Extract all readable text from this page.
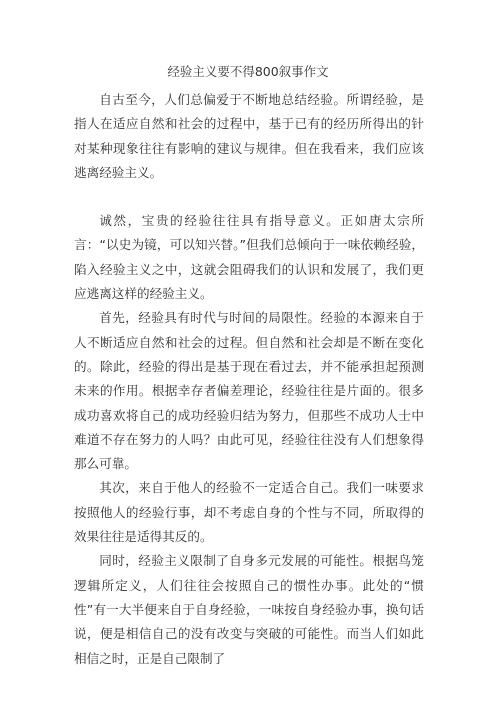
经验主义要不得800叙事作文

自古至今，人们总偏爱于不断地总结经验。所谓经验，是指人在适应自然和社会的过程中，基于已有的经历所得出的针对某种现象往往有影响的建议与规律。但在我看来，我们应该逃离经验主义。

诚然，宝贵的经验往往具有指导意义。正如唐太宗所言：“以史为镜，可以知兴替。”但我们总倾向于一味依赖经验，陷入经验主义之中，这就会阻碍我们的认识和发展了，我们更应逃离这样的经验主义。

首先，经验具有时代与时间的局限性。经验的本源来自于人不断适应自然和社会的过程。但自然和社会却是不断在变化的。除此，经验的得出是基于现在看过去，并不能承担起预测未来的作用。根据幸存者偏差理论，经验往往是片面的。很多成功喜欢将自己的成功经验归结为努力，但那些不成功人士中难道不存在努力的人吗？由此可见，经验往往没有人们想象得那么可靠。

其次，来自于他人的经验不一定适合自己。我们一味要求按照他人的经验行事，却不考虑自身的个性与不同，所取得的效果往往是适得其反的。

同时，经验主义限制了自身多元发展的可能性。根据鸟笼逻辑所定义，人们往往会按照自己的惯性办事。此处的“惯性”有一大半便来自于自身经验，一味按自身经验办事，换句话说，便是相信自己的没有改变与突破的可能性。而当人们如此相信之时，正是自己限制了
